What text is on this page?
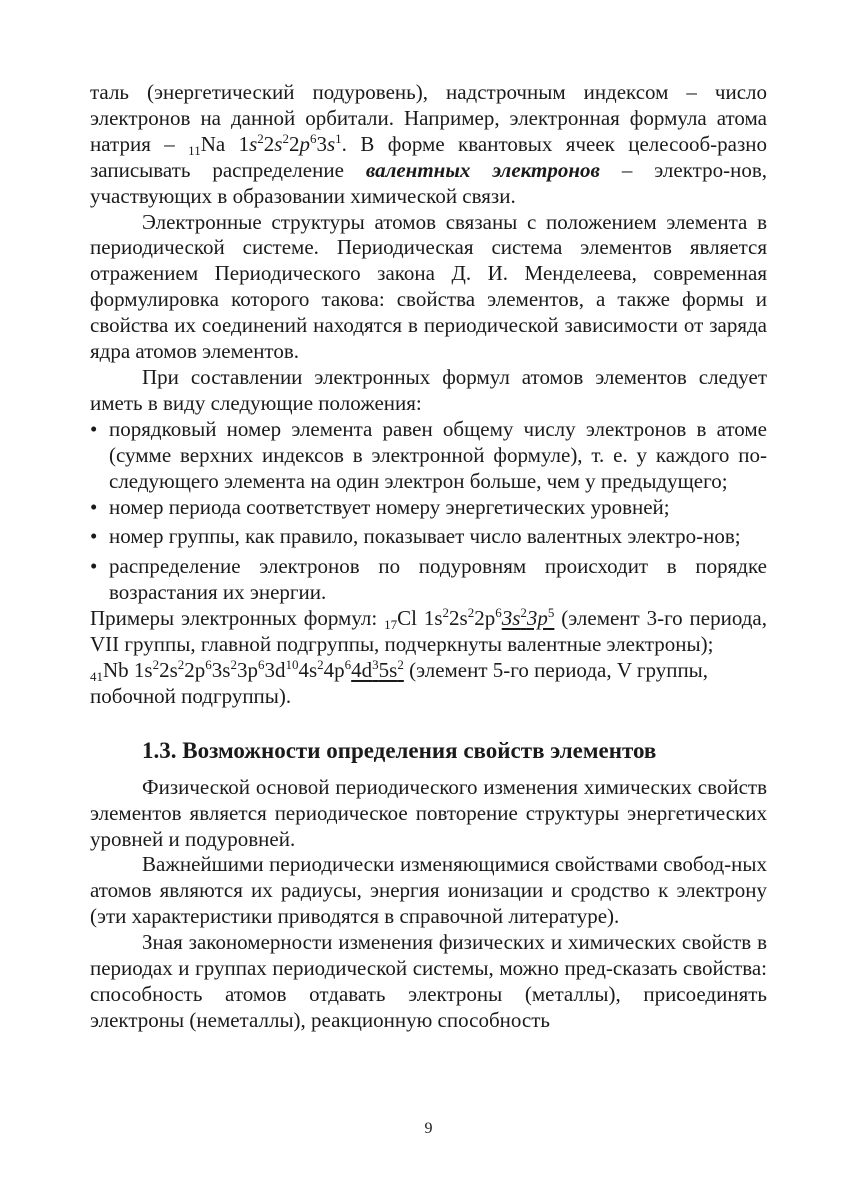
таль (энергетический подуровень), надстрочным индексом – число электронов на данной орбитали. Например, электронная формула атома натрия – $_{11}$Na $1s^22s^22p^63s^1$. В форме квантовых ячеек целесооб-разно записывать распределение валентных электронов – электро-нов, участвующих в образовании химической связи.

Электронные структуры атомов связаны с положением элемента в периодической системе. Периодическая система элементов является отражением Периодического закона Д. И. Менделеева, современная формулировка которого такова: свойства элементов, а также формы и свойства их соединений находятся в периодической зависимости от заряда ядра атомов элементов.

При составлении электронных формул атомов элементов следует иметь в виду следующие положения:

• порядковый номер элемента равен общему числу электронов в атоме (сумме верхних индексов в электронной формуле), т. е. у каждого по-следующего элемента на один электрон больше, чем у предыдущего;
• номер периода соответствует номеру энергетических уровней;
• номер группы, как правило, показывает число валентных электро-нов;
• распределение электронов по подуровням происходит в порядке возрастания их энергии.

Примеры электронных формул: $_{17}$Cl $1s^22s^22p^63s^23p^5$ (элемент 3-го периода, VII группы, главной подгруппы, подчеркнуты валентные электроны);

$_{41}$Nb $1s^22s^22p^63s^23p^63d^{10}4s^24p^64d^35s^2$ (элемент 5-го периода, V группы, побочной подгруппы).

1.3. Возможности определения свойств элементов

Физической основой периодического изменения химических свойств элементов является периодическое повторение структуры энергетических уровней и подуровней.

Важнейшими периодически изменяющимися свойствами свобод-ных атомов являются их радиусы, энергия ионизации и сродство к электрону (эти характеристики приводятся в справочной литературе).

Зная закономерности изменения физических и химических свойств в периодах и группах периодической системы, можно пред-сказать свойства: способность атомов отдавать электроны (металлы), присоединять электроны (неметаллы), реакционную способность

9
